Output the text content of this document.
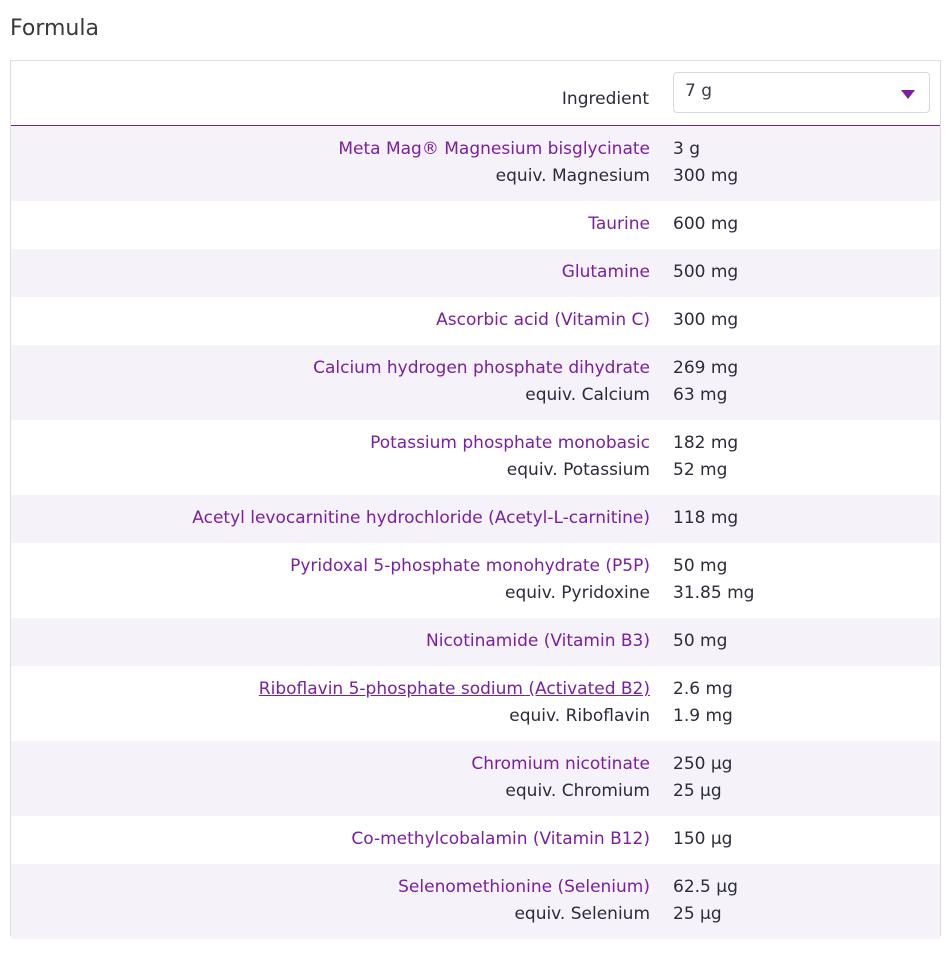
Formula
Ingredient 7 g
Meta Mag® Magnesium bisglycinate 3 g
equiv. Magnesium 300 mg
Taurine 600 mg
Glutamine 500 mg
Ascorbic acid (Vitamin C) 300 mg
Calcium hydrogen phosphate dihydrate 269 mg
equiv. Calcium 63 mg
Potassium phosphate monobasic 182 mg
equiv. Potassium 52 mg
Acetyl levocarnitine hydrochloride (Acetyl-L-carnitine) 118 mg
Pyridoxal 5-phosphate monohydrate (P5P) 50 mg
equiv. Pyridoxine 31.85 mg
Nicotinamide (Vitamin B3) 50 mg
Riboflavin 5-phosphate sodium (Activated B2) 2.6 mg
equiv. Riboflavin 1.9 mg
Chromium nicotinate 250 µg
equiv. Chromium 25 µg
Co-methylcobalamin (Vitamin B12) 150 µg
Selenomethionine (Selenium) 62.5 µg
equiv. Selenium 25 µg
